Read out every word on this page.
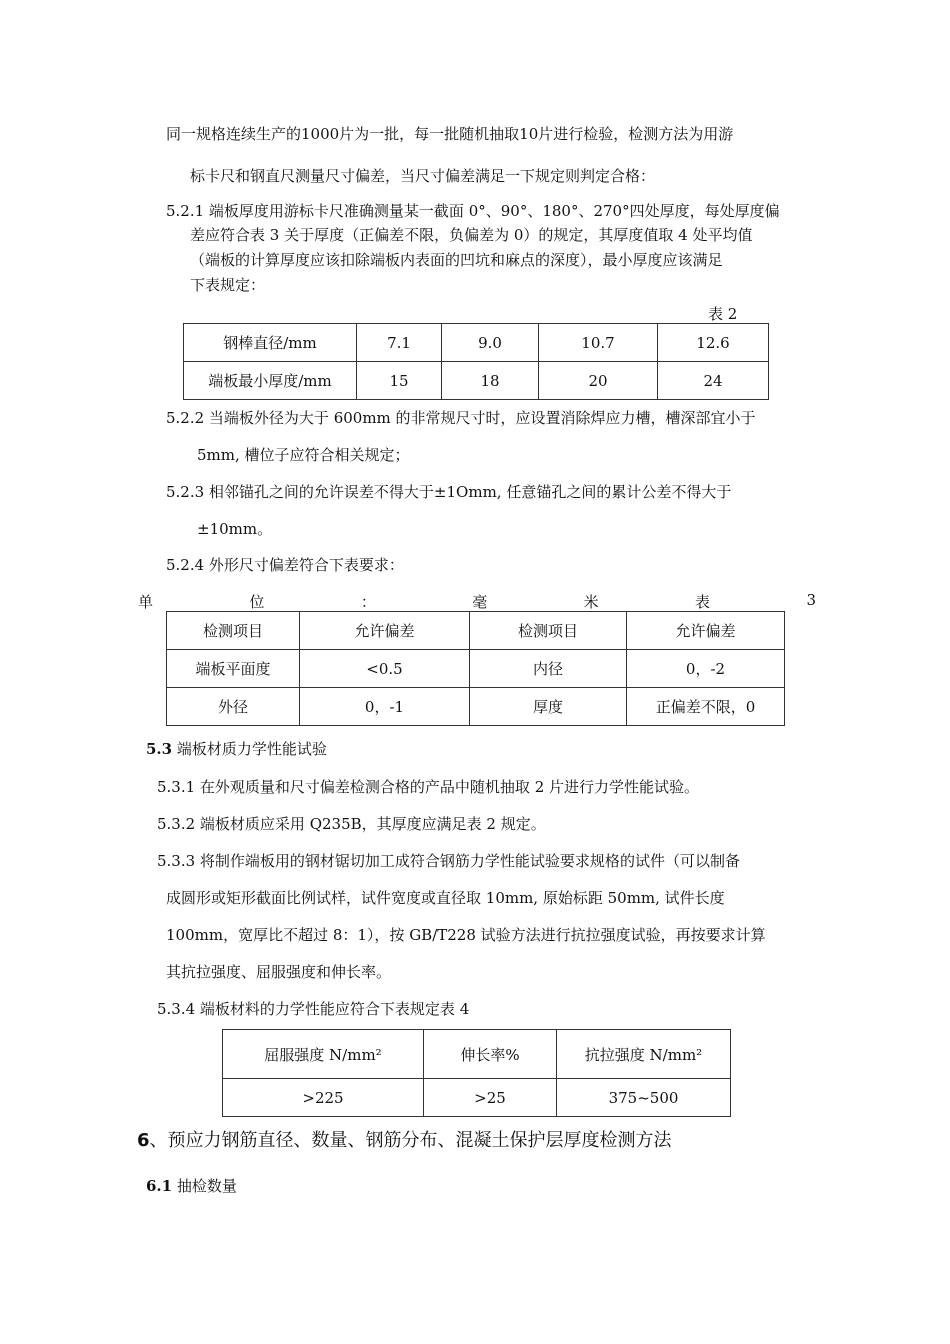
同一规格连续生产的1000片为一批，每一批随机抽取10片进行检验，检测方法为用游
标卡尺和钢直尺测量尺寸偏差，当尺寸偏差满足一下规定则判定合格：
5.2.1 端板厚度用游标卡尺准确测量某一截面 0°、90°、180°、270°四处厚度，每处厚度偏
差应符合表 3 关于厚度（正偏差不限，负偏差为 0）的规定，其厚度值取 4 处平均值
（端板的计算厚度应该扣除端板内表面的凹坑和麻点的深度），最小厚度应该满足
下表规定：
表 2
钢棒直径/mm	7.1	9.0	10.7	12.6
端板最小厚度/mm	15	18	20	24
5.2.2 当端板外径为大于 600mm 的非常规尺寸时，应设置消除焊应力槽，槽深部宜小于
5mm, 槽位子应符合相关规定；
5.2.3 相邻锚孔之间的允许误差不得大于±1Omm, 任意锚孔之间的累计公差不得大于
±10mm。
5.2.4 外形尺寸偏差符合下表要求：
单	位	：	毫	米	表	3
检测项目	允许偏差	检测项目	允许偏差
端板平面度	<0.5	内径	0，-2
外径	0，-1	厚度	正偏差不限，0
5.3 端板材质力学性能试验
5.3.1 在外观质量和尺寸偏差检测合格的产品中随机抽取 2 片进行力学性能试验。
5.3.2 端板材质应采用 Q235B，其厚度应满足表 2 规定。
5.3.3 将制作端板用的钢材锯切加工成符合钢筋力学性能试验要求规格的试件（可以制备
成圆形或矩形截面比例试样，试件宽度或直径取 10mm, 原始标距 50mm, 试件长度
100mm，宽厚比不超过 8：1），按 GB/T228 试验方法进行抗拉强度试验，再按要求计算
其抗拉强度、屈服强度和伸长率。
5.3.4 端板材料的力学性能应符合下表规定表 4
屈服强度 N/mm²	伸长率%	抗拉强度 N/mm²
>225	>25	375~500
6、预应力钢筋直径、数量、钢筋分布、混凝土保护层厚度检测方法
6.1 抽检数量
